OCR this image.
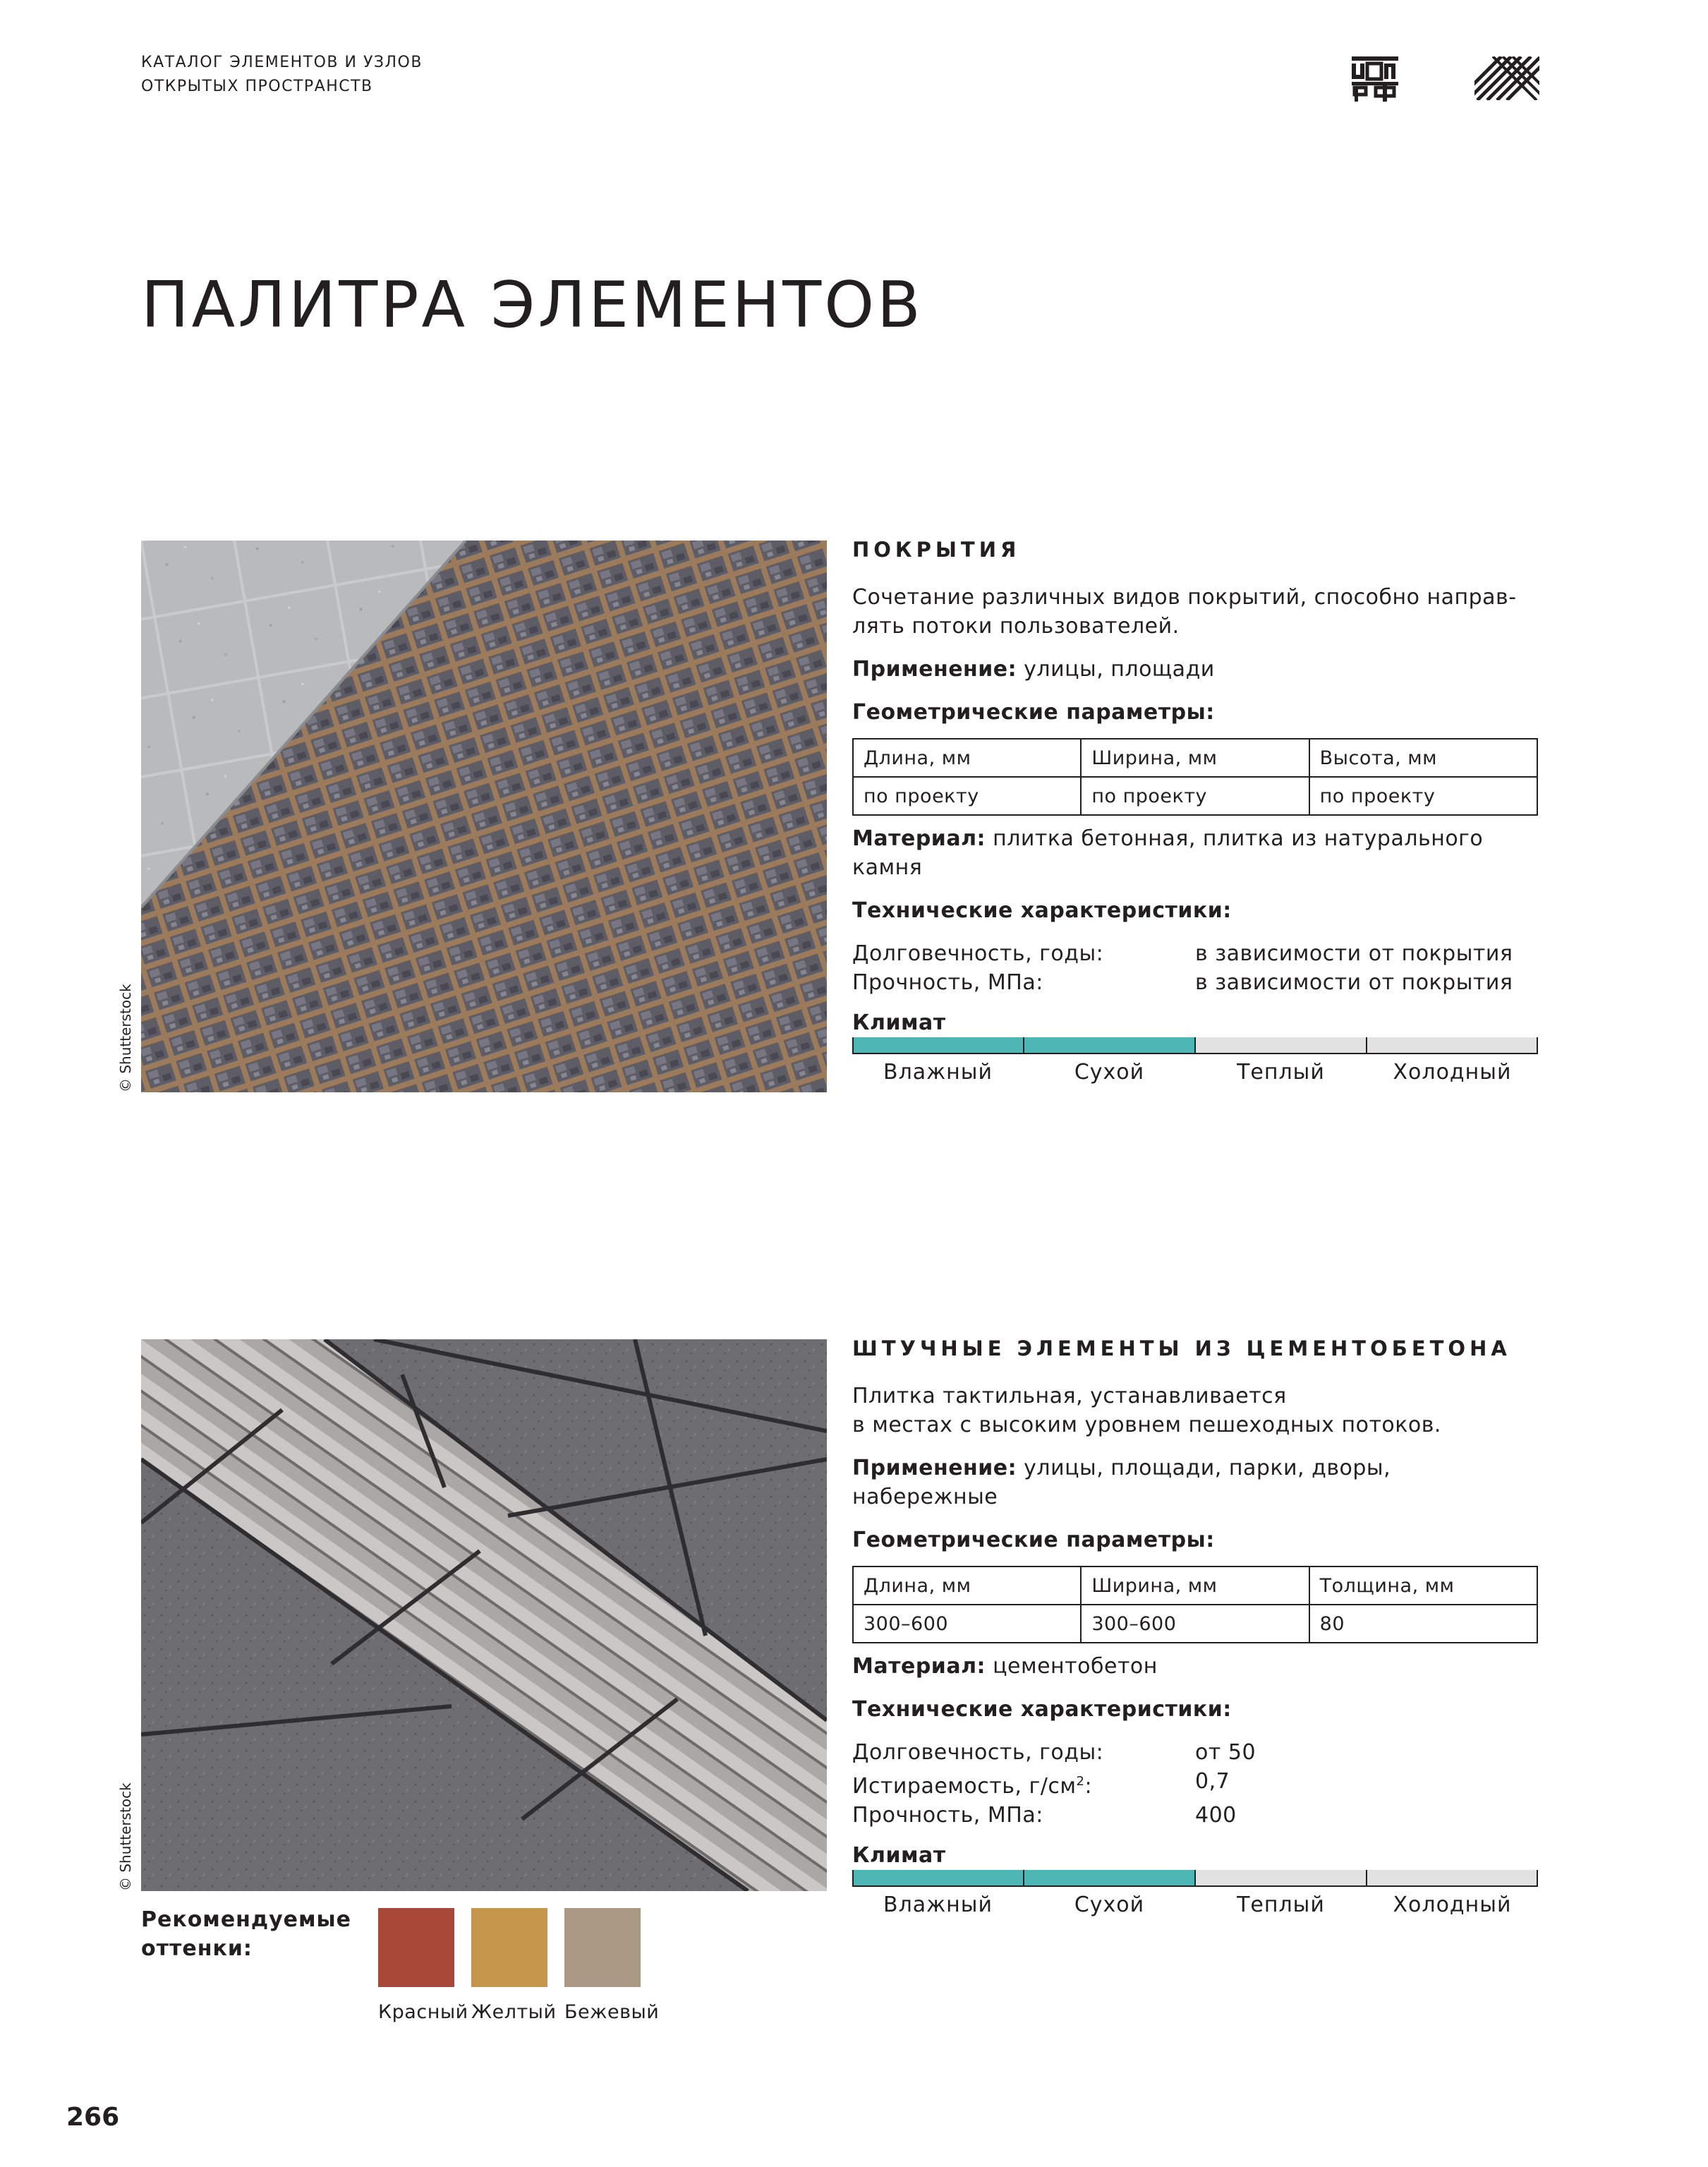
КАТАЛОГ ЭЛЕМЕНТОВ И УЗЛОВ
ОТКРЫТЫХ ПРОСТРАНСТВ
ПАЛИТРА ЭЛЕМЕНТОВ
© Shutterstock
ПОКРЫТИЯ
Сочетание различных видов покрытий, способно направ-
лять потоки пользователей.
Применение: улицы, площади
Геометрические параметры:
Длина, мм	Ширина, мм	Высота, мм
по проекту	по проекту	по проекту
Материал: плитка бетонная, плитка из натурального камня
Технические характеристики:
Долговечность, годы:	в зависимости от покрытия
Прочность, МПа:	в зависимости от покрытия
Климат
Влажный	Сухой	Теплый	Холодный
© Shutterstock
ШТУЧНЫЕ ЭЛЕМЕНТЫ ИЗ ЦЕМЕНТОБЕТОНА
Плитка тактильная, устанавливается
в местах с высоким уровнем пешеходных потоков.
Применение: улицы, площади, парки, дворы,
набережные
Геометрические параметры:
Длина, мм	Ширина, мм	Толщина, мм
300–600	300–600	80
Материал: цементобетон
Технические характеристики:
Долговечность, годы:	от 50
Истираемость, $г/см^2$:	0,7
Прочность, МПа:	400
Климат
Влажный	Сухой	Теплый	Холодный
Рекомендуемые
оттенки:
Красный Желтый Бежевый
266
